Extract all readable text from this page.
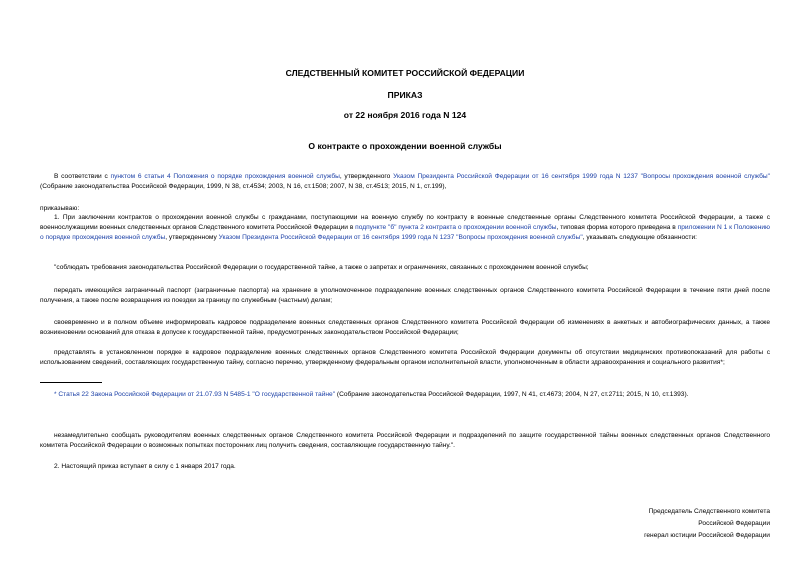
СЛЕДСТВЕННЫЙ КОМИТЕТ РОССИЙСКОЙ ФЕДЕРАЦИИ
ПРИКАЗ
от 22 ноября 2016 года N 124
О контракте о прохождении военной службы
В соответствии с пунктом 6 статьи 4 Положения о порядке прохождения военной службы, утвержденного Указом Президента Российской Федерации от 16 сентября 1999 года N 1237 "Вопросы прохождения военной службы" (Собрание законодательства Российской Федерации, 1999, N 38, ст.4534; 2003, N 16, ст.1508; 2007, N 38, ст.4513; 2015, N 1, ст.199),
приказываю:
1. При заключении контрактов о прохождении военной службы с гражданами, поступающими на военную службу по контракту в военные следственные органы Следственного комитета Российской Федерации, а также с военнослужащими военных следственных органов Следственного комитета Российской Федерации в подпункте "б" пункта 2 контракта о прохождении военной службы, типовая форма которого приведена в приложении N 1 к Положению о порядке прохождения военной службы, утвержденному Указом Президента Российской Федерации от 16 сентября 1999 года N 1237 "Вопросы прохождения военной службы", указывать следующие обязанности:
"соблюдать требования законодательства Российской Федерации о государственной тайне, а также о запретах и ограничениях, связанных с прохождением военной службы;
передать имеющийся заграничный паспорт (заграничные паспорта) на хранение в уполномоченное подразделение военных следственных органов Следственного комитета Российской Федерации в течение пяти дней после получения, а также после возвращения из поездки за границу по служебным (частным) делам;
своевременно и в полном объеме информировать кадровое подразделение военных следственных органов Следственного комитета Российской Федерации об изменениях в анкетных и автобиографических данных, а также возникновении оснований для отказа в допуске к государственной тайне, предусмотренных законодательством Российской Федерации;
представлять в установленном порядке в кадровое подразделение военных следственных органов Следственного комитета Российской Федерации документы об отсутствии медицинских противопоказаний для работы с использованием сведений, составляющих государственную тайну, согласно перечню, утвержденному федеральным органом исполнительной власти, уполномоченным в области здравоохранения и социального развития*;
* Статья 22 Закона Российской Федерации от 21.07.93 N 5485-1 "О государственной тайне" (Собрание законодательства Российской Федерации, 1997, N 41, ст.4673; 2004, N 27, ст.2711; 2015, N 10, ст.1393).
незамедлительно сообщать руководителям военных следственных органов Следственного комитета Российской Федерации и подразделений по защите государственной тайны военных следственных органов Следственного комитета Российской Федерации о возможных попытках посторонних лиц получить сведения, составляющие государственную тайну.".
2. Настоящий приказ вступает в силу с 1 января 2017 года.
Председатель Следственного комитета
Российской Федерации
генерал юстиции Российской Федерации
